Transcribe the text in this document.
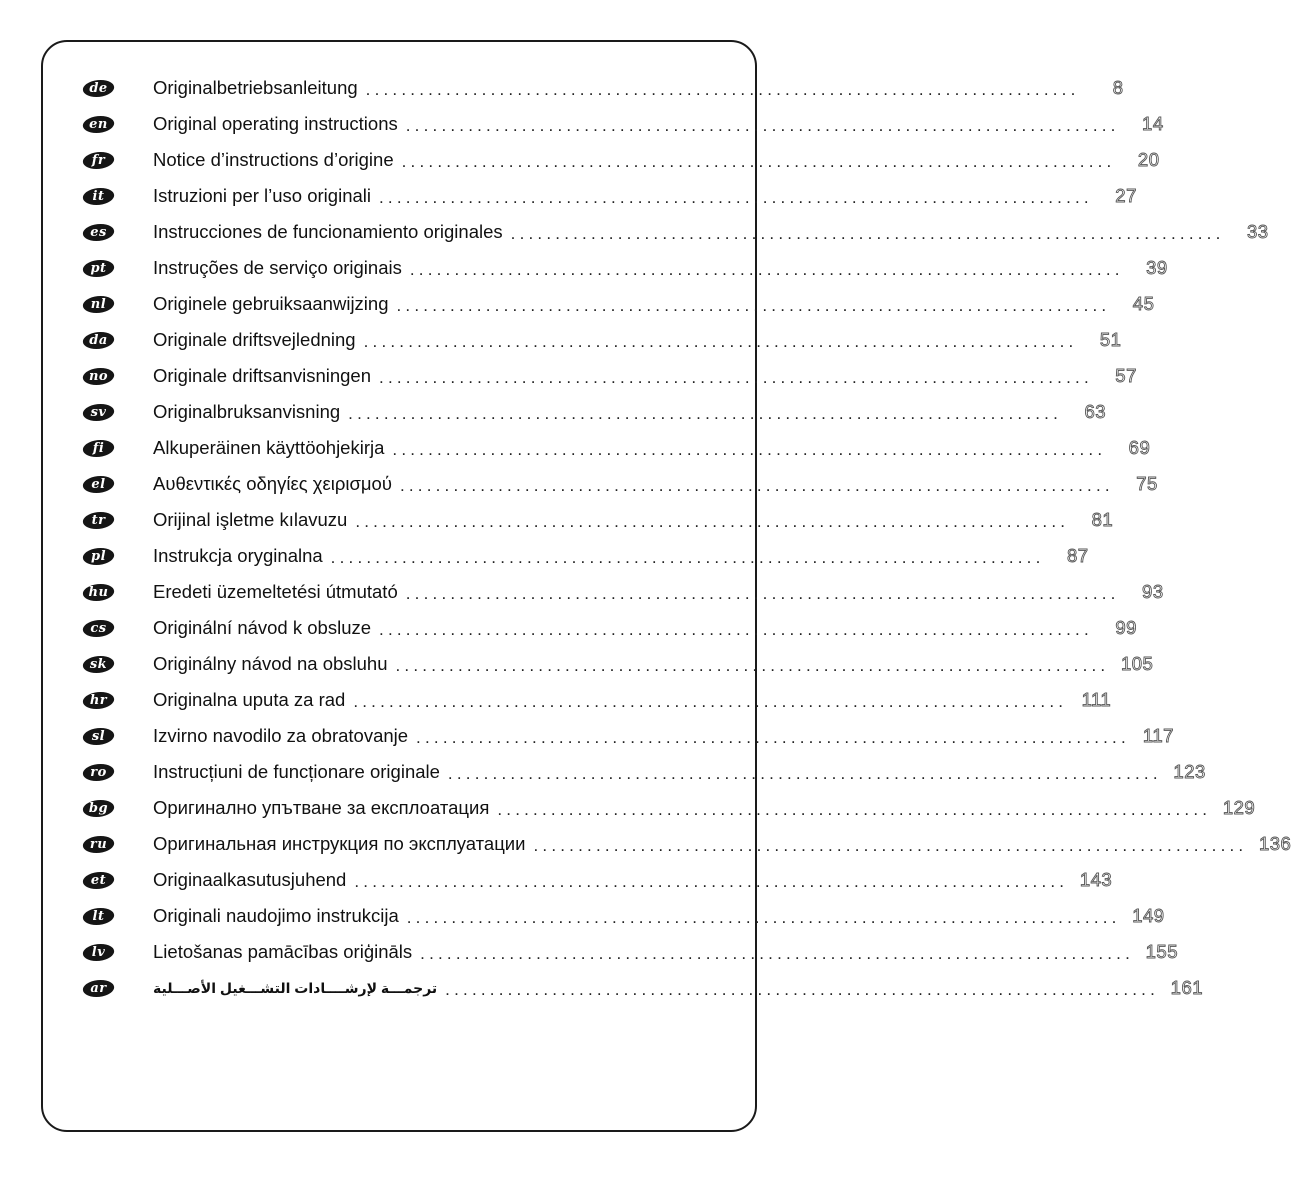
de	Originalbetriebsanleitung ................................................................................	8
en	Original operating instructions ................................................................................	14
fr	Notice d’instructions d’origine ................................................................................	20
it	Istruzioni per l’uso originali ................................................................................	27
es	Instrucciones de funcionamiento originales ................................................................................	33
pt	Instruções de serviço originais ................................................................................	39
nl	Originele gebruiksaanwijzing ................................................................................	45
da	Originale driftsvejledning ................................................................................	51
no	Originale driftsanvisningen ................................................................................	57
sv	Originalbruksanvisning ................................................................................	63
fi	Alkuperäinen käyttöohjekirja ................................................................................	69
el	Αυθεντικές οδηγίες χειρισμού ................................................................................	75
tr	Orijinal işletme kılavuzu ................................................................................	81
pl	Instrukcja oryginalna ................................................................................	87
hu	Eredeti üzemeltetési útmutató ................................................................................	93
cs	Originální návod k obsluze ................................................................................	99
sk	Originálny návod na obsluhu ................................................................................ 105
hr	Originalna uputa za rad ................................................................................ 111
sl	Izvirno navodilo za obratovanje ................................................................................ 117
ro	Instrucțiuni de funcționare originale ................................................................................ 123
bg	Оригинално упътване за експлоатация ................................................................................ 129
ru	Оригинальная инструкция по эксплуатации ................................................................................ 136
et	Originaalkasutusjuhend ................................................................................ 143
lt	Originali naudojimo instrukcija ................................................................................ 149
lv	Lietošanas pamācības oriģināls ................................................................................ 155
ar	ترجمـــة لإرشــــادات التشـــغيل الأصـــلية ................................................................................ 161
